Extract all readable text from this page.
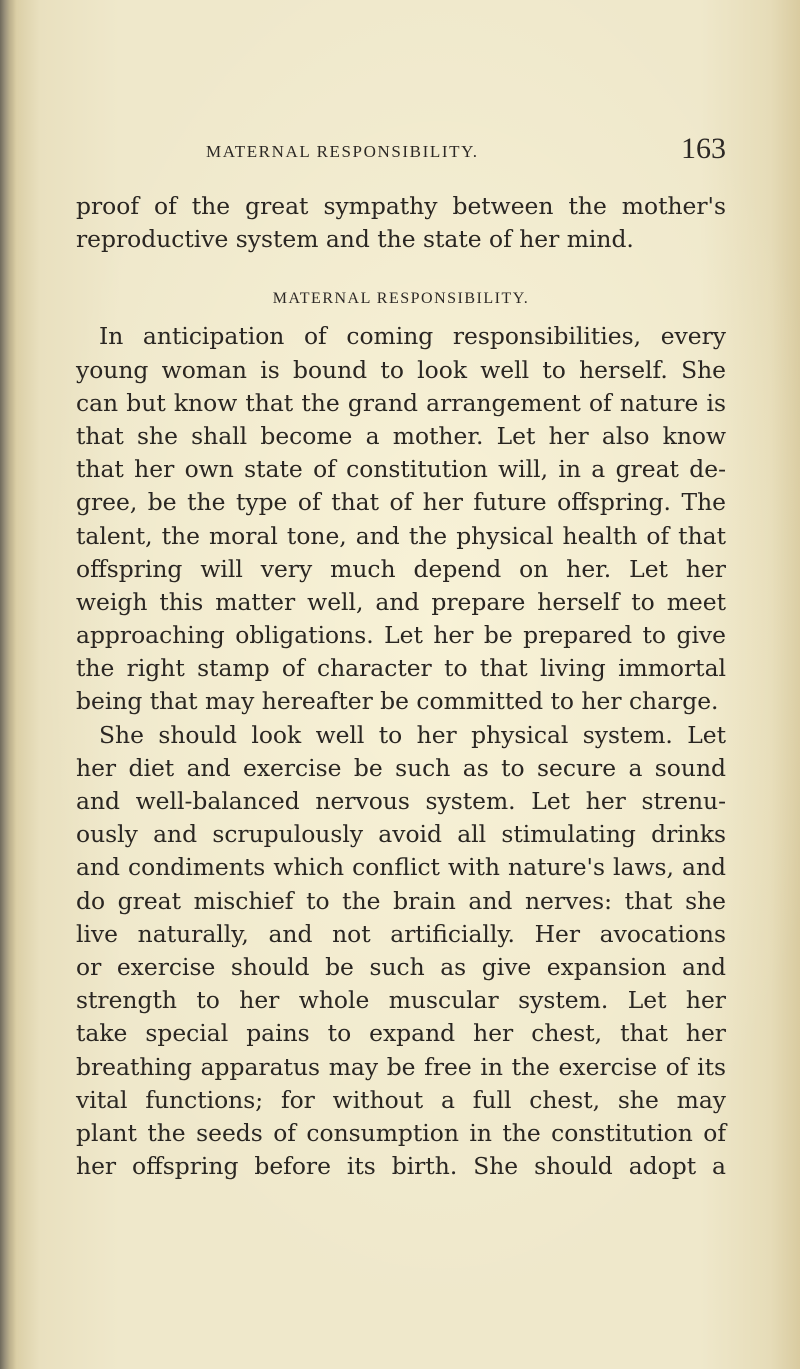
MATERNAL RESPONSIBILITY.	163
proof of the great sympathy between the mother's
reproductive system and the state of her mind.
MATERNAL RESPONSIBILITY.
In anticipation of coming responsibilities, every
young woman is bound to look well to herself. She
can but know that the grand arrangement of nature is
that she shall become a mother. Let her also know
that her own state of constitution will, in a great de-
gree, be the type of that of her future offspring. The
talent, the moral tone, and the physical health of that
offspring will very much depend on her. Let her
weigh this matter well, and prepare herself to meet
approaching obligations. Let her be prepared to give
the right stamp of character to that living immortal
being that may hereafter be committed to her charge.
She should look well to her physical system. Let
her diet and exercise be such as to secure a sound
and well-balanced nervous system. Let her strenu-
ously and scrupulously avoid all stimulating drinks
and condiments which conflict with nature's laws, and
do great mischief to the brain and nerves: that she
live naturally, and not artificially. Her avocations
or exercise should be such as give expansion and
strength to her whole muscular system. Let her
take special pains to expand her chest, that her
breathing apparatus may be free in the exercise of its
vital functions; for without a full chest, she may
plant the seeds of consumption in the constitution of
her offspring before its birth. She should adopt a
